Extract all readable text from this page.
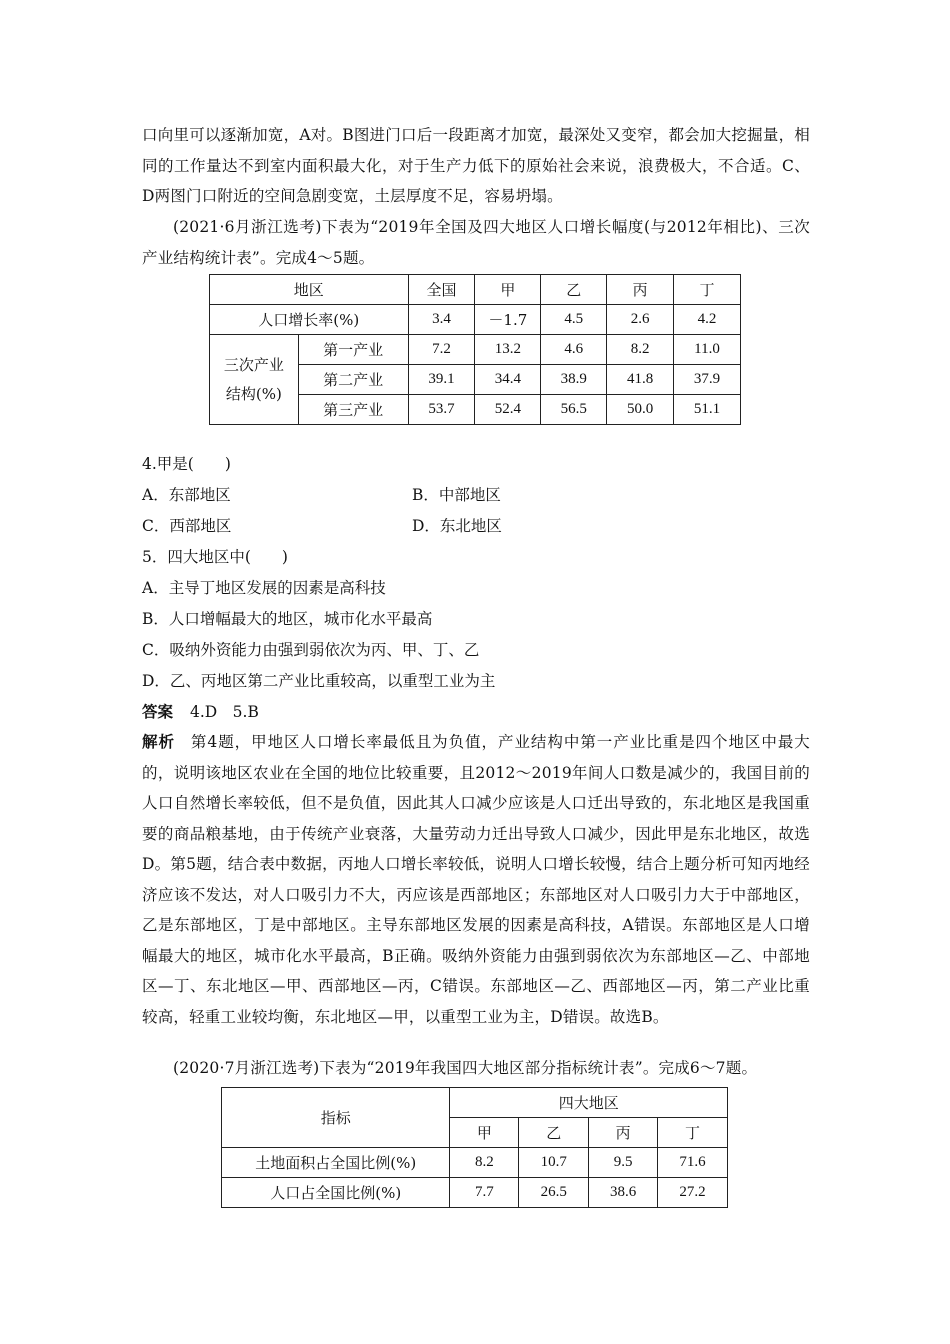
口向里可以逐渐加宽，A对。B图进门口后一段距离才加宽，最深处又变窄，都会加大挖掘量，相同的工作量达不到室内面积最大化，对于生产力低下的原始社会来说，浪费极大，不合适。C、D两图门口附近的空间急剧变宽，土层厚度不足，容易坍塌。
(2021·6月浙江选考)下表为“2019年全国及四大地区人口增长幅度(与2012年相比)、三次产业结构统计表”。完成4～5题。
地区		全国	甲	乙	丙	丁
人口增长率(%)		3.4	－1.7	4.5	2.6	4.2

三次产业
结构(%)	第一产业	7.2	13.2	4.6	8.2	11.0
	第二产业	39.1	34.4	38.9	41.8	37.9
	第三产业	53.7	52.4	56.5	50.0	51.1
4.甲是(　　)
A．东部地区	B．中部地区
C．西部地区	D．东北地区
5．四大地区中(　　)
A．主导丁地区发展的因素是高科技
B．人口增幅最大的地区，城市化水平最高
C．吸纳外资能力由强到弱依次为丙、甲、丁、乙
D．乙、丙地区第二产业比重较高，以重型工业为主
答案 4.D　5.B
解析 第4题，甲地区人口增长率最低且为负值，产业结构中第一产业比重是四个地区中最大的，说明该地区农业在全国的地位比较重要，且2012～2019年间人口数是减少的，我国目前的人口自然增长率较低，但不是负值，因此其人口减少应该是人口迁出导致的，东北地区是我国重要的商品粮基地，由于传统产业衰落，大量劳动力迁出导致人口减少，因此甲是东北地区，故选D。第5题，结合表中数据，丙地人口增长率较低，说明人口增长较慢，结合上题分析可知丙地经济应该不发达，对人口吸引力不大，丙应该是西部地区；东部地区对人口吸引力大于中部地区，乙是东部地区，丁是中部地区。主导东部地区发展的因素是高科技，A错误。东部地区是人口增幅最大的地区，城市化水平最高，B正确。吸纳外资能力由强到弱依次为东部地区—乙、中部地区—丁、东北地区—甲、西部地区—丙，C错误。东部地区—乙、西部地区—丙，第二产业比重较高，轻重工业较均衡，东北地区—甲，以重型工业为主，D错误。故选B。
(2020·7月浙江选考)下表为“2019年我国四大地区部分指标统计表”。完成6～7题。
指标	四大地区			
	甲	乙	丙	丁
土地面积占全国比例(%)	8.2	10.7	9.5	71.6
人口占全国比例(%)	7.7	26.5	38.6	27.2
